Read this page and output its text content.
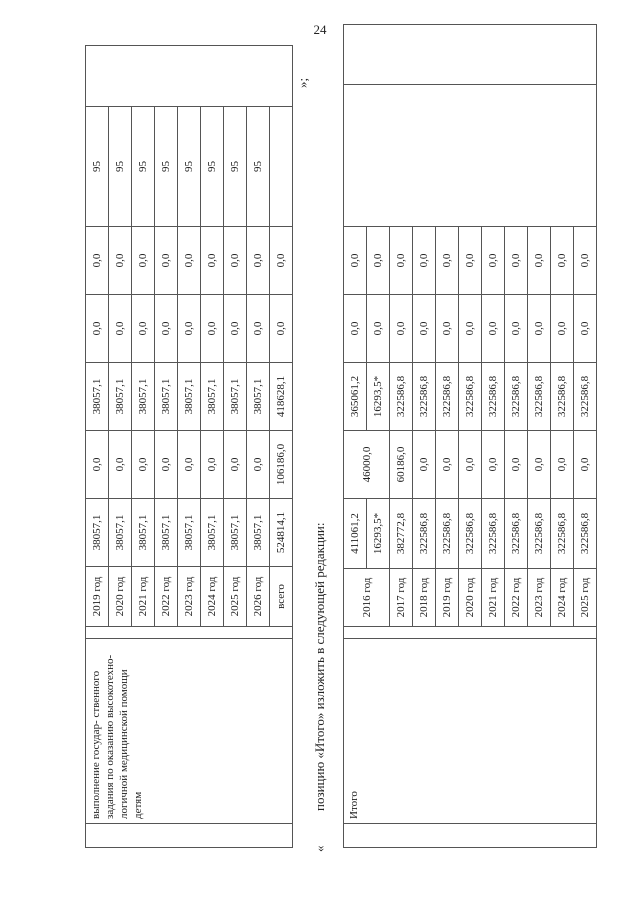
24
	выполнение государ- ственного задания по оказанию высокотехно- логичной медицинской помощи детям		2019 год	38057,1	0,0	38057,1	0,0	0,0	95	
			2020 год	38057,1	0,0	38057,1	0,0	0,0	95	
			2021 год	38057,1	0,0	38057,1	0,0	0,0	95	
			2022 год	38057,1	0,0	38057,1	0,0	0,0	95	
			2023 год	38057,1	0,0	38057,1	0,0	0,0	95	
			2024 год	38057,1	0,0	38057,1	0,0	0,0	95	
			2025 год	38057,1	0,0	38057,1	0,0	0,0	95	
			2026 год	38057,1	0,0	38057,1	0,0	0,0	95	
			всего	524814,1	106186,0	418628,1	0,0	0,0		
«
позицию «Итого» изложить в следующей редакции:
»;
	Итого		2016 год	411061,2	46000,0	365061,2	0,0	0,0		
				16293,5*		16293,5*	0,0	0,0		
			2017 год	382772,8	60186,0	322586,8	0,0	0,0		
			2018 год	322586,8	0,0	322586,8	0,0	0,0		
			2019 год	322586,8	0,0	322586,8	0,0	0,0		
			2020 год	322586,8	0,0	322586,8	0,0	0,0		
			2021 год	322586,8	0,0	322586,8	0,0	0,0		
			2022 год	322586,8	0,0	322586,8	0,0	0,0		
			2023 год	322586,8	0,0	322586,8	0,0	0,0		
			2024 год	322586,8	0,0	322586,8	0,0	0,0		
			2025 год	322586,8	0,0	322586,8	0,0	0,0		
